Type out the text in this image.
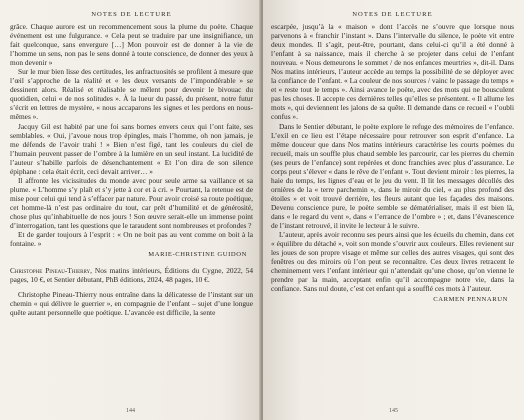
NOTES DE LECTURE

grâce. Chaque aurore est un recommencement sous la plume du poète. Chaque événement est une fulgurance. « Cela peut se traduire par une insignifiance, un fait quelconque, sans envergure […] Mon pouvoir est de donner à la vie de l’homme un sens, non pas le sens donné à toute conscience, de donner des yeux à mon devenir »

Sur le mur bien lisse des certitudes, les anfractuosités se profilent à mesure que l’œil s’approche de la réalité et « les deux versants de l’impondérable » se dessinent alors. Réalisé et réalisable se mêlent pour devenir le bivouac du quotidien, celui « de nos solitudes ». À la lueur du passé, du présent, notre futur s’écrit en lettres de mystère, « nous accaparons les signes et les perdons en nous-mêmes ».

Jacquy Gil est habité par une foi sans bornes envers ceux qui l’ont faite, ses semblables. « Oui, j’avoue nous trop épingles, mais l’homme, oh non jamais, je me défends de l’avoir trahi ! » Bien n’est figé, tant les couleurs du ciel de l’humain peuvent passer de l’ombre à la lumière en un seul instant. La lucidité de l’auteur s’habille parfois de désenchantement « Et l’on dira de son silence épiphane : cela était écrit, ceci devait arriver… »

Il affronte les vicissitudes du monde avec pour seule arme sa vaillance et sa plume. « L’homme s’y plaît et s’y jette à cor et à cri. » Pourtant, la retenue est de mise pour celui qui tend à s’effacer par nature. Pour avoir croisé sa route poétique, cet homme-là n’est pas ordinaire du tout, car prêt d’humilité et de générosité, chose plus qu’inhabituelle de nos jours ! Son œuvre serait-elle un immense point d’interrogation, tant les questions que le taraudent sont nombreuses et profondes ?

Et de garder toujours à l’esprit : « On ne boit pas au vent comme on boit à la fontaine. »

MARIE-CHRISTINE GUIDON

Christophe Pineau-Thierry, Nos matins intérieurs, Éditions du Cygne, 2022, 54 pages, 10 €, et Sentier débutant, PhB éditions, 2024, 48 pages, 10 €.

Christophe Pineau-Thierry nous entraîne dans la délicatesse de l’instant sur un chemin « qui délivre le guerrier », en compagnie de l’enfant – sujet d’une longue quête autant personnelle que poétique. L’avancée est difficile, la sente

144
NOTES DE LECTURE

escarpée, jusqu’à la « maison » dont l’accès ne s’ouvre que lorsque nous parvenons à « franchir l’instant ». Dans l’intervalle du silence, le poète vit entre deux mondes. Il s’agit, peut-être, pourtant, dans celui-ci qu’il a été donné à l’enfant à sa naissance, mais il cherche à se projeter dans celui de l’enfant nouveau. « Nous demeurons le sommet / de nos enfances meurtries », dit-il. Dans Nos matins intérieurs, l’auteur accède au temps la possibilité de se déployer avec la confiance de l’enfant. « La couleur de nos sources / vainc le passage du temps » et « reste tout le temps ». Ainsi avance le poète, avec des mots qui ne bousculent pas les choses. Il accepte ces dernières telles qu’elles se présentent. « Il allume les mots », qui deviennent les jalons de sa quête. Il demande dans ce recueil « l’oubli confus ».

Dans le Sentier débutant, le poète explore le refuge des mémoires de l’enfance. L’exil en ce lieu est l’étape nécessaire pour retrouver son esprit d’enfance. La même douceur que dans Nos matins intérieurs caractérise les courts poèmes du recueil, mais un souffle plus chaud semble les parcourir, car les pierres du chemin (ses peurs de l’enfance) sont repérées et donc franchies avec plus d’assurance. Le corps peut s’élever « dans le rêve de l’enfant ». Tout devient miroir : les pierres, la haie du temps, les lignes d’eau et le jeu du vent. Il lit les messages décollés des ornières de la « terre parchemin », dans le miroir du ciel, « au plus profond des étoiles » et voit trouvé derrière, les fleurs autant que les façades des maisons. Devenu conscience pure, le poète semble se dématérialiser, mais il est bien là, dans « le regard du vent », dans « l’errance de l’ombre » ; et, dans l’évanescence de l’instant retrouvé, il invite le lecteur à le suivre.

L’auteur, après avoir reconnu ses peurs ainsi que les écueils du chemin, dans cet « équilibre du détaché », voit son monde s’ouvrir aux couleurs. Elles revienent sur les joues de son propre visage et même sur celles des autres visages, qui sont des fenêtres ou des miroirs où l’on peut se reconnaître. Ces deux livres retracent le cheminement vers l’enfant intérieur qui n’attendait qu’une chose, qu’on vienne le prendre par la main, acceptant enfin qu’il accompagne notre vie, dans la confiance. Sans nul doute, c’est cet enfant qui a soufflé ces mots à l’auteur.

CARMEN PENNARUN
145
